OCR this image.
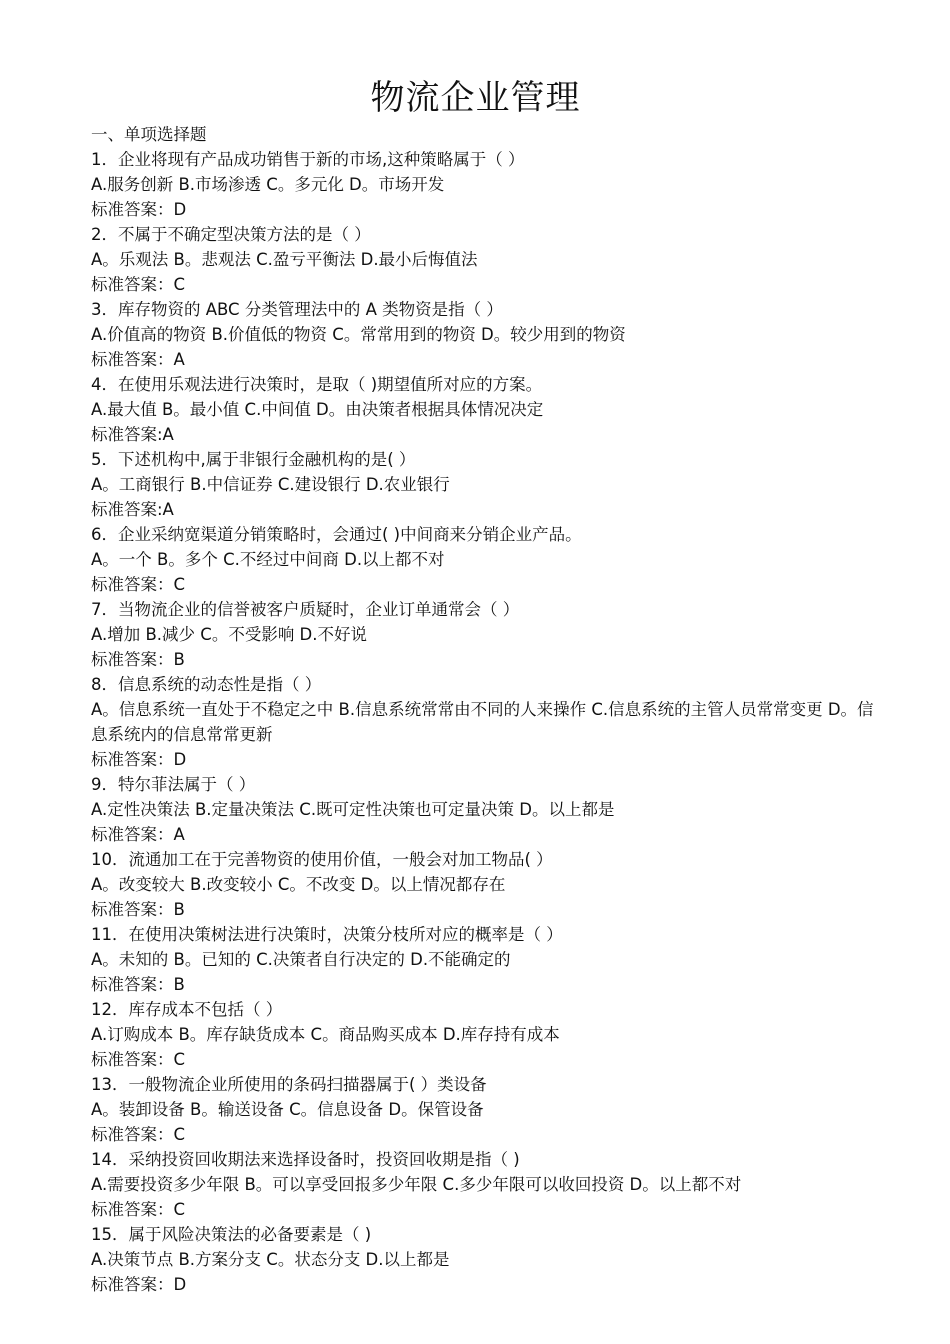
物流企业管理

一、单项选择题

1．企业将现有产品成功销售于新的市场,这种策略属于（ ）

A.服务创新 B.市场渗透 C。多元化 D。市场开发

标准答案：D

2．不属于不确定型决策方法的是（ ）

A。乐观法 B。悲观法 C.盈亏平衡法 D.最小后悔值法

标准答案：C

3．库存物资的 ABC 分类管理法中的 A 类物资是指（ ）

A.价值高的物资 B.价值低的物资 C。常常用到的物资 D。较少用到的物资

标准答案：A

4．在使用乐观法进行决策时，是取（ )期望值所对应的方案。

A.最大值 B。最小值 C.中间值 D。由决策者根据具体情况决定

标准答案:A

5．下述机构中,属于非银行金融机构的是( ）

A。工商银行 B.中信证券 C.建设银行 D.农业银行

标准答案:A

6．企业采纳宽渠道分销策略时，会通过( )中间商来分销企业产品。

A。一个 B。多个 C.不经过中间商 D.以上都不对

标准答案：C

7．当物流企业的信誉被客户质疑时，企业订单通常会（ ）

A.增加 B.减少 C。不受影响 D.不好说

标准答案：B

8．信息系统的动态性是指（ ）

A。信息系统一直处于不稳定之中 B.信息系统常常由不同的人来操作 C.信息系统的主管人员常常变更 D。信息系统内的信息常常更新

标准答案：D

9．特尔菲法属于（ ）

A.定性决策法 B.定量决策法 C.既可定性决策也可定量决策 D。以上都是

标准答案：A

10．流通加工在于完善物资的使用价值，一般会对加工物品( ）

A。改变较大 B.改变较小 C。不改变 D。以上情况都存在

标准答案：B

11．在使用决策树法进行决策时，决策分枝所对应的概率是（ ）

A。未知的 B。已知的 C.决策者自行决定的 D.不能确定的

标准答案：B

12．库存成本不包括（ ）

A.订购成本 B。库存缺货成本 C。商品购买成本 D.库存持有成本

标准答案：C

13．一般物流企业所使用的条码扫描器属于( ）类设备

A。装卸设备 B。输送设备 C。信息设备 D。保管设备

标准答案：C

14．采纳投资回收期法来选择设备时，投资回收期是指（ )

A.需要投资多少年限 B。可以享受回报多少年限 C.多少年限可以收回投资 D。以上都不对

标准答案：C

15．属于风险决策法的必备要素是（ )

A.决策节点 B.方案分支 C。状态分支 D.以上都是

标准答案：D
